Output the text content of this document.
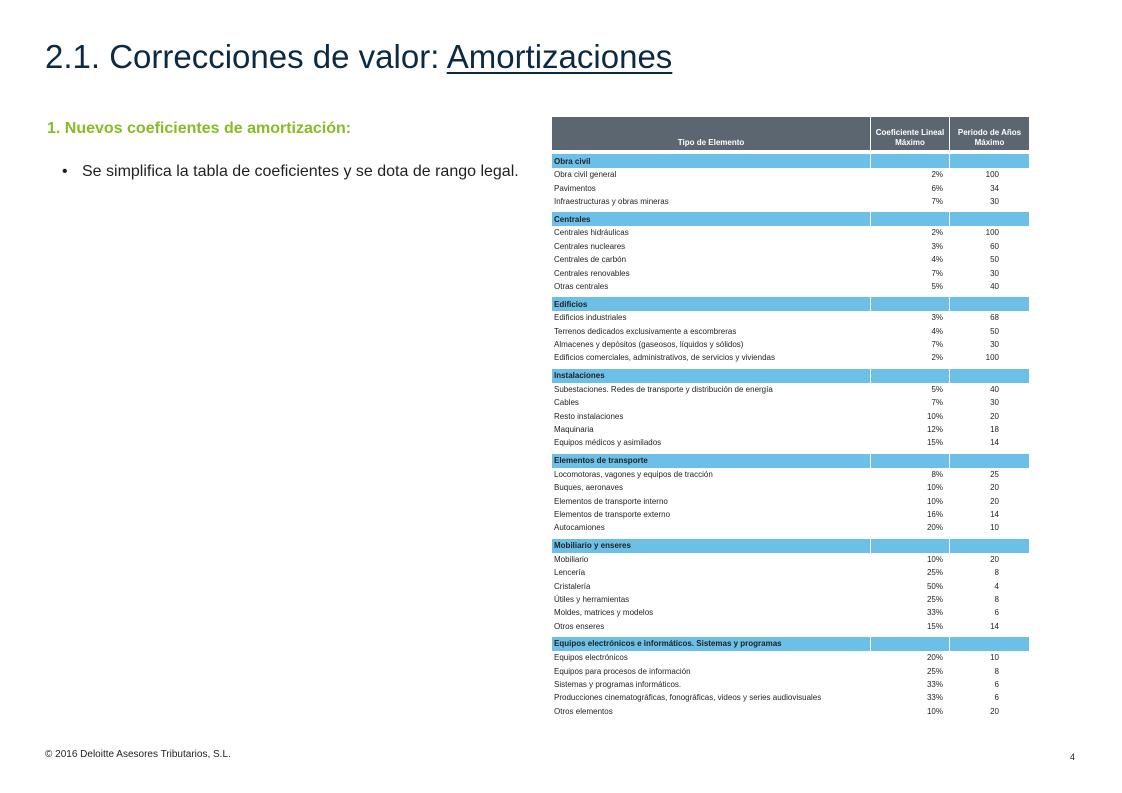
2.1. Correcciones de valor: Amortizaciones
1. Nuevos coeficientes de amortización:
• Se simplifica la tabla de coeficientes y se dota de rango legal.
Tipo de Elemento	Coeficiente Lineal Máximo	Periodo de Años Máximo

Obra civil		
Obra civil general	2%	100
Pavimentos	6%	34
Infraestructuras y obras mineras	7%	30

Centrales		
Centrales hidráulicas	2%	100
Centrales nucleares	3%	60
Centrales de carbón	4%	50
Centrales renovables	7%	30
Otras centrales	5%	40

Edificios		
Edificios industriales	3%	68
Terrenos dedicados exclusivamente a escombreras	4%	50
Almacenes y depósitos (gaseosos, líquidos y sólidos)	7%	30
Edificios comerciales, administrativos, de servicios y viviendas	2%	100

Instalaciones		
Subestaciones. Redes de transporte y distribución de energía	5%	40
Cables	7%	30
Resto instalaciones	10%	20
Maquinaria	12%	18
Equipos médicos y asimilados	15%	14

Elementos de transporte		
Locomotoras, vagones y equipos de tracción	8%	25
Buques, aeronaves	10%	20
Elementos de transporte interno	10%	20
Elementos de transporte externo	16%	14
Autocamiones	20%	10

Mobiliario y enseres		
Mobiliario	10%	20
Lencería	25%	8
Cristalería	50%	4
Útiles y herramientas	25%	8
Moldes, matrices y modelos	33%	6
Otros enseres	15%	14

Equipos electrónicos e informáticos. Sistemas y programas		
Equipos electrónicos	20%	10
Equipos para procesos de información	25%	8
Sistemas y programas informáticos.	33%	6
Producciones cinematográficas, fonográficas, videos y series audiovisuales	33%	6
Otros elementos	10%	20
© 2016 Deloitte Asesores Tributarios, S.L.	4
